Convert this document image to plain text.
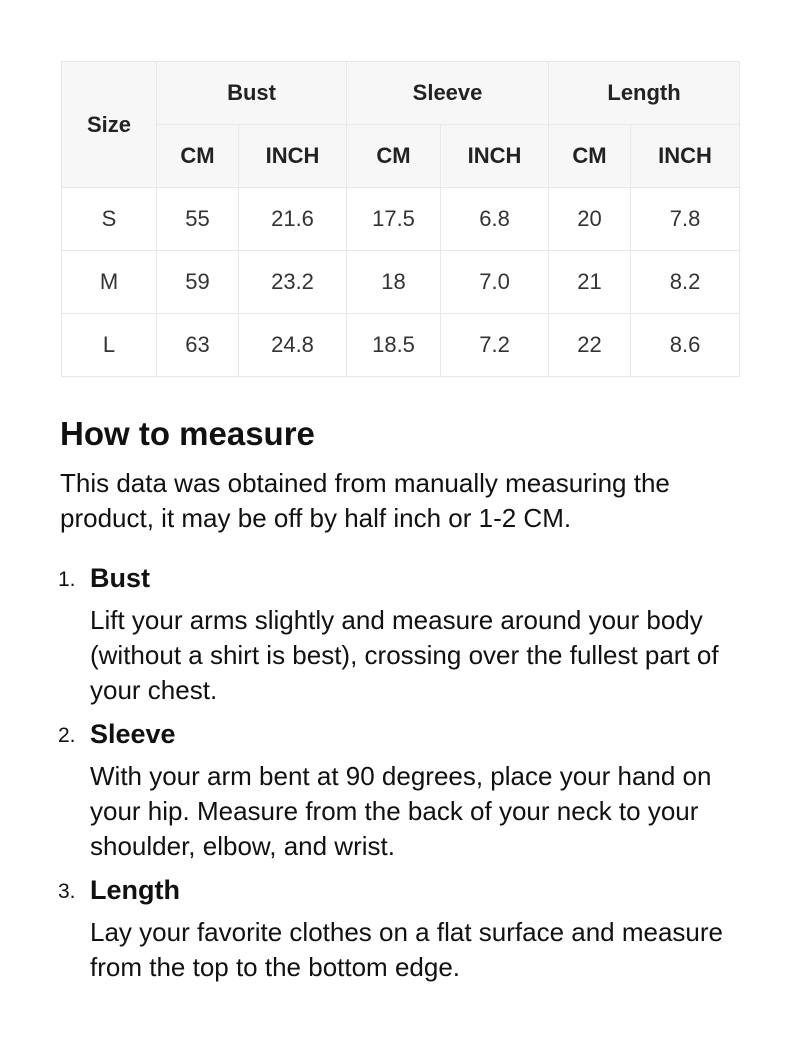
Size	Bust		Sleeve		Length	
	CM	INCH	CM	INCH	CM	INCH
S	55	21.6	17.5	6.8	20	7.8
M	59	23.2	18	7.0	21	8.2
L	63	24.8	18.5	7.2	22	8.6
How to measure

This data was obtained from manually measuring the product, it may be off by half inch or 1-2 CM.

1. Bust

Lift your arms slightly and measure around your body (without a shirt is best), crossing over the fullest part of your chest.

2. Sleeve

With your arm bent at 90 degrees, place your hand on your hip. Measure from the back of your neck to your shoulder, elbow, and wrist.

3. Length

Lay your favorite clothes on a flat surface and measure from the top to the bottom edge.
